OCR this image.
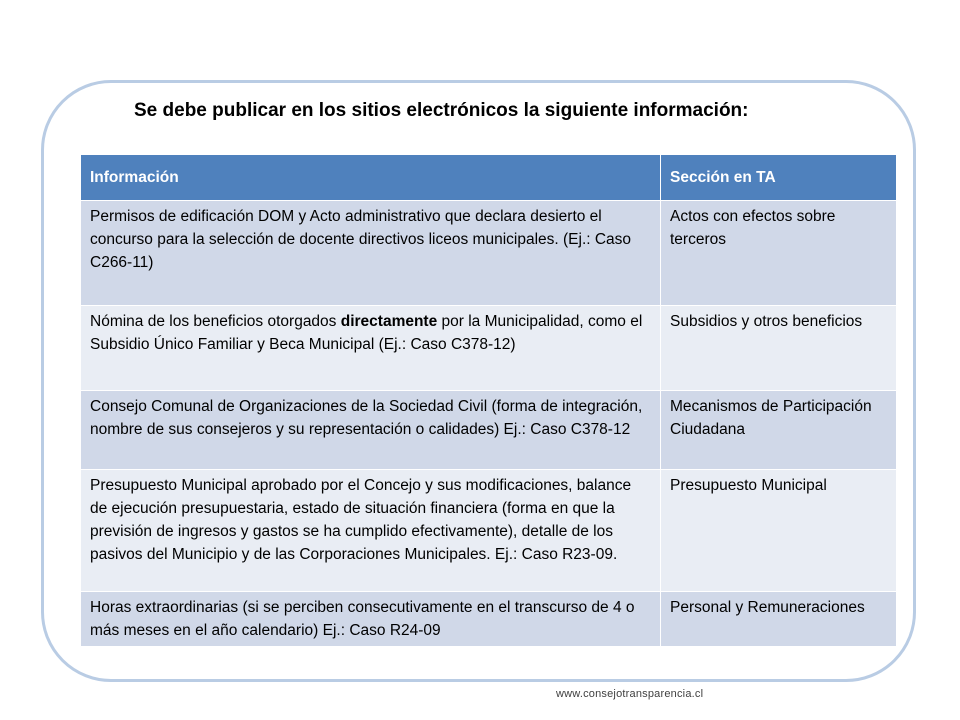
Se debe publicar en los sitios electrónicos la siguiente información:
Información	Sección en TA
Permisos de edificación DOM y Acto administrativo que declara desierto el concurso para la selección de docente directivos liceos municipales. (Ej.: Caso C266-11)	Actos con efectos sobre terceros
Nómina de los beneficios otorgados directamente por la Municipalidad, como el Subsidio Único Familiar y Beca Municipal (Ej.: Caso C378-12)	Subsidios y otros beneficios
Consejo Comunal de Organizaciones de la Sociedad Civil (forma de integración, nombre de sus consejeros y su representación o calidades) Ej.: Caso C378-12	Mecanismos de Participación Ciudadana
Presupuesto Municipal aprobado por el Concejo y sus modificaciones, balance de ejecución presupuestaria, estado de situación financiera (forma en que la previsión de ingresos y gastos se ha cumplido efectivamente), detalle de los pasivos del Municipio y de las Corporaciones Municipales. Ej.: Caso R23-09.	Presupuesto Municipal
Horas extraordinarias (si se perciben consecutivamente en el transcurso de 4 o más meses en el año calendario) Ej.: Caso R24-09	Personal y Remuneraciones
www.consejotransparencia.cl
